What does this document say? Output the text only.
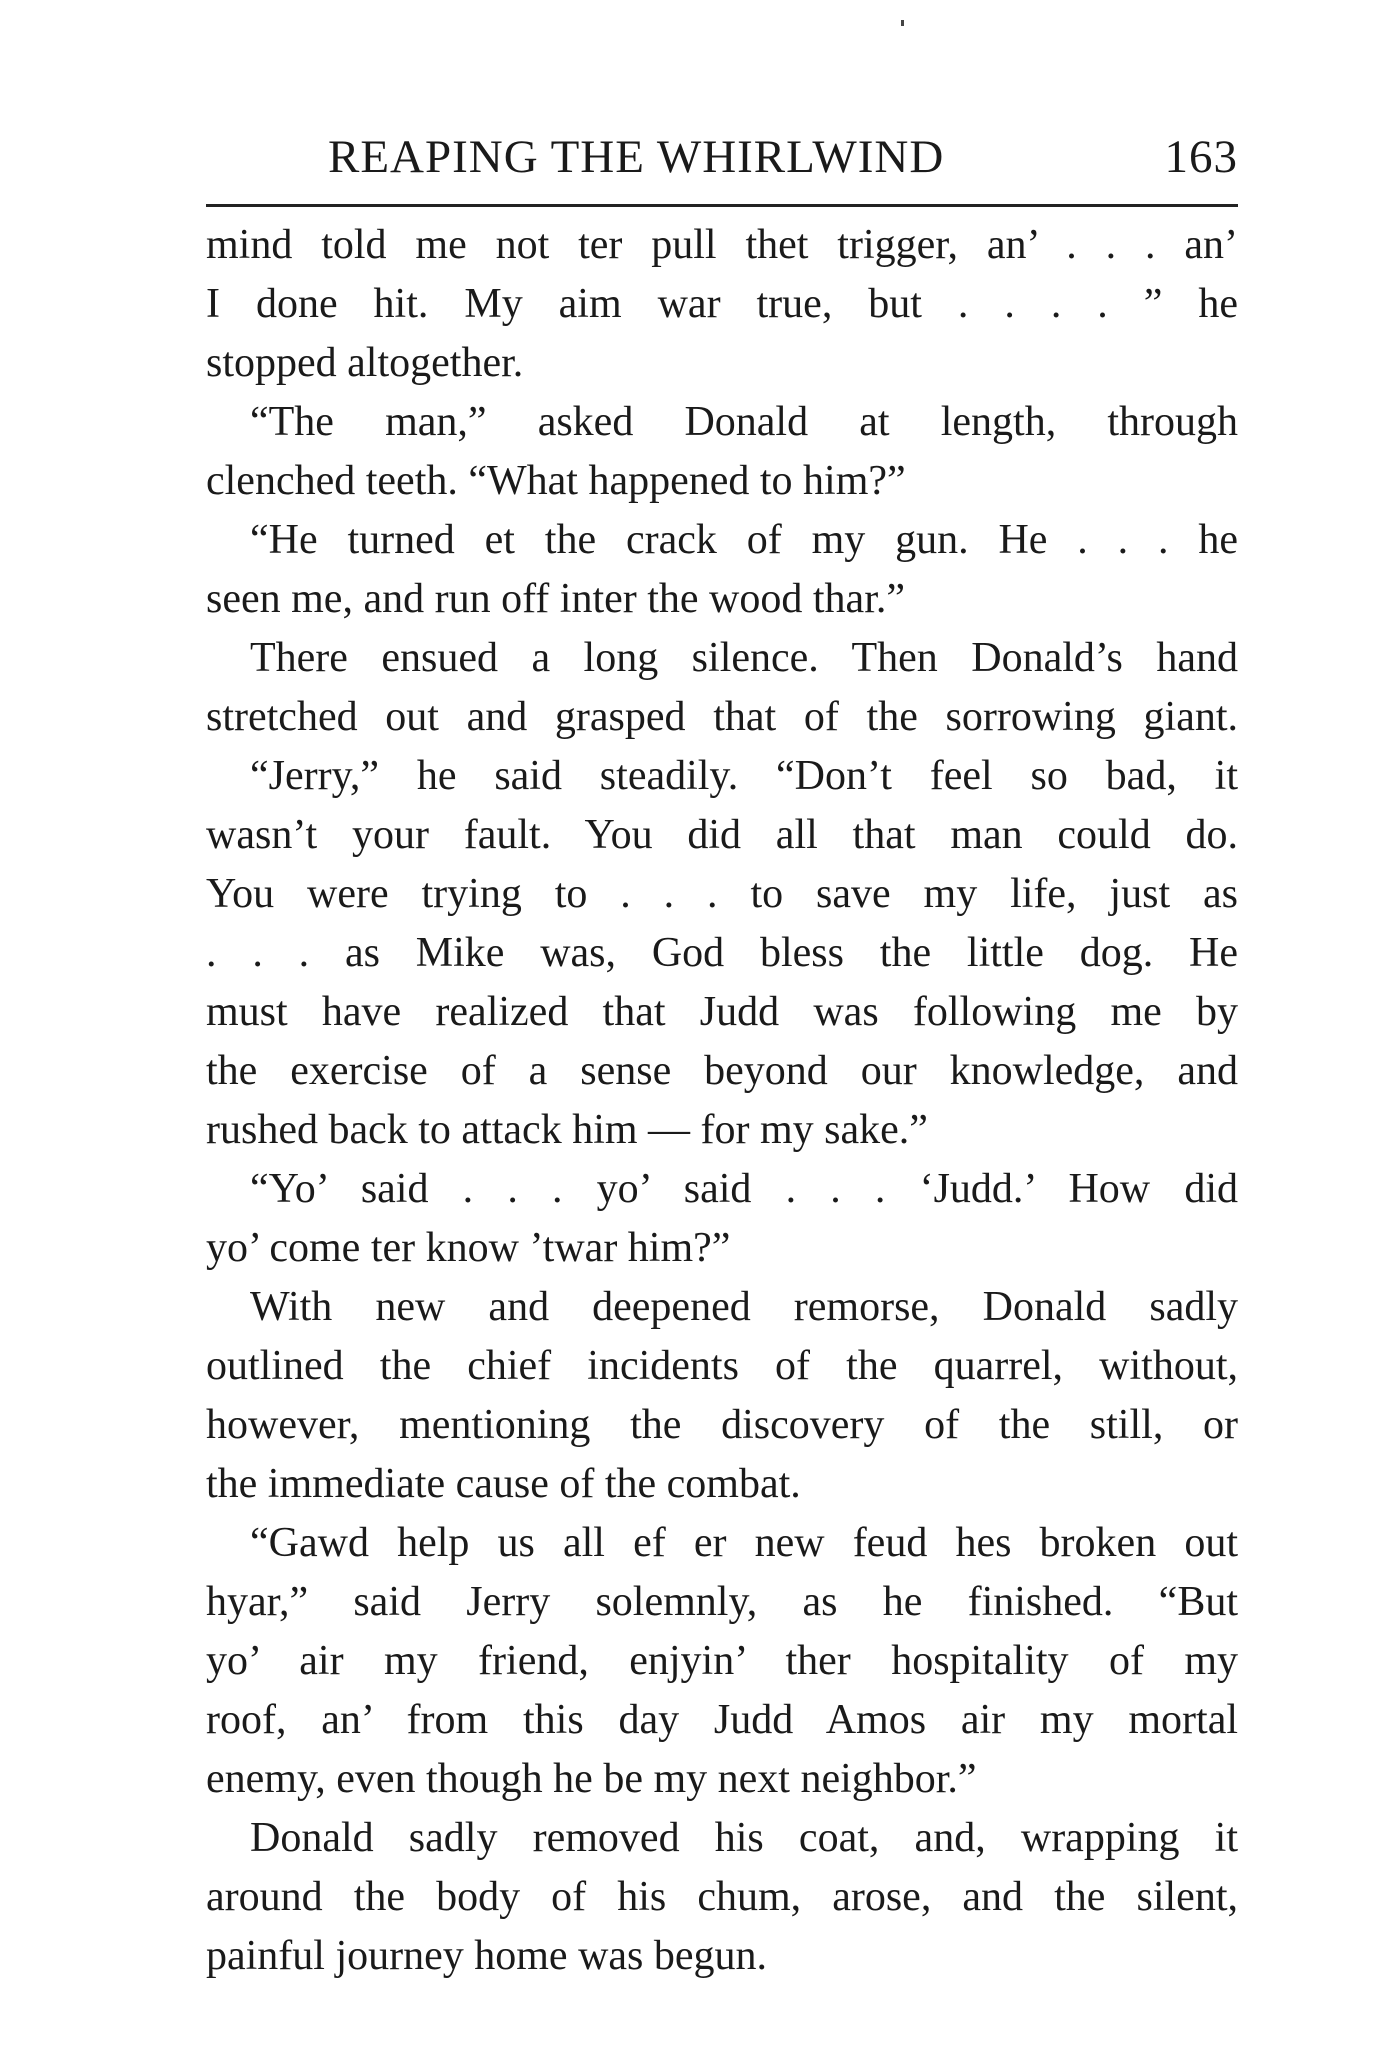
REAPING THE WHIRLWIND	163
mind told me not ter pull thet trigger, an’ . . . an’
I done hit. My aim war true, but . . . . ” he
stopped altogether.
“The man,” asked Donald at length, through
clenched teeth. “What happened to him?”
“He turned et the crack of my gun. He . . . he
seen me, and run off inter the wood thar.”
There ensued a long silence. Then Donald’s hand
stretched out and grasped that of the sorrowing giant.
“Jerry,” he said steadily. “Don’t feel so bad, it
wasn’t your fault. You did all that man could do.
You were trying to . . . to save my life, just as
. . . as Mike was, God bless the little dog. He
must have realized that Judd was following me by
the exercise of a sense beyond our knowledge, and
rushed back to attack him — for my sake.”
“Yo’ said . . . yo’ said . . . ‘Judd.’ How did
yo’ come ter know ’twar him?”
With new and deepened remorse, Donald sadly
outlined the chief incidents of the quarrel, without,
however, mentioning the discovery of the still, or
the immediate cause of the combat.
“Gawd help us all ef er new feud hes broken out
hyar,” said Jerry solemnly, as he finished. “But
yo’ air my friend, enjyin’ ther hospitality of my
roof, an’ from this day Judd Amos air my mortal
enemy, even though he be my next neighbor.”
Donald sadly removed his coat, and, wrapping it
around the body of his chum, arose, and the silent,
painful journey home was begun.
